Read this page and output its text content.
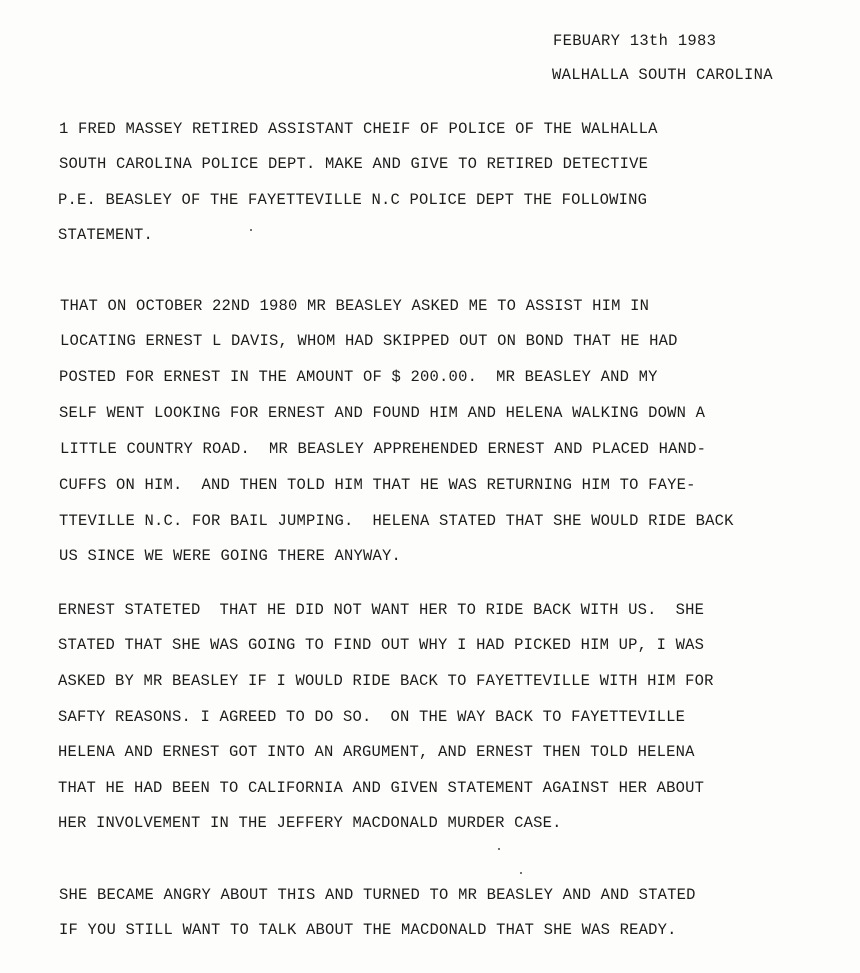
FEBUARY 13th 1983
WALHALLA SOUTH CAROLINA
1 FRED MASSEY RETIRED ASSISTANT CHEIF OF POLICE OF THE WALHALLA
SOUTH CAROLINA POLICE DEPT. MAKE AND GIVE TO RETIRED DETECTIVE
P.E. BEASLEY OF THE FAYETTEVILLE N.C POLICE DEPT THE FOLLOWING
STATEMENT.
THAT ON OCTOBER 22ND 1980 MR BEASLEY ASKED ME TO ASSIST HIM IN
LOCATING ERNEST L DAVIS, WHOM HAD SKIPPED OUT ON BOND THAT HE HAD
POSTED FOR ERNEST IN THE AMOUNT OF $ 200.00.  MR BEASLEY AND MY
SELF WENT LOOKING FOR ERNEST AND FOUND HIM AND HELENA WALKING DOWN A
LITTLE COUNTRY ROAD.  MR BEASLEY APPREHENDED ERNEST AND PLACED HAND-
CUFFS ON HIM.  AND THEN TOLD HIM THAT HE WAS RETURNING HIM TO FAYE-
TTEVILLE N.C. FOR BAIL JUMPING.  HELENA STATED THAT SHE WOULD RIDE BACK
US SINCE WE WERE GOING THERE ANYWAY.
ERNEST STATETED  THAT HE DID NOT WANT HER TO RIDE BACK WITH US.  SHE
STATED THAT SHE WAS GOING TO FIND OUT WHY I HAD PICKED HIM UP, I WAS
ASKED BY MR BEASLEY IF I WOULD RIDE BACK TO FAYETTEVILLE WITH HIM FOR
SAFTY REASONS. I AGREED TO DO SO.  ON THE WAY BACK TO FAYETTEVILLE
HELENA AND ERNEST GOT INTO AN ARGUMENT, AND ERNEST THEN TOLD HELENA
THAT HE HAD BEEN TO CALIFORNIA AND GIVEN STATEMENT AGAINST HER ABOUT
HER INVOLVEMENT IN THE JEFFERY MACDONALD MURDER CASE.
SHE BECAME ANGRY ABOUT THIS AND TURNED TO MR BEASLEY AND AND STATED
IF YOU STILL WANT TO TALK ABOUT THE MACDONALD THAT SHE WAS READY.
